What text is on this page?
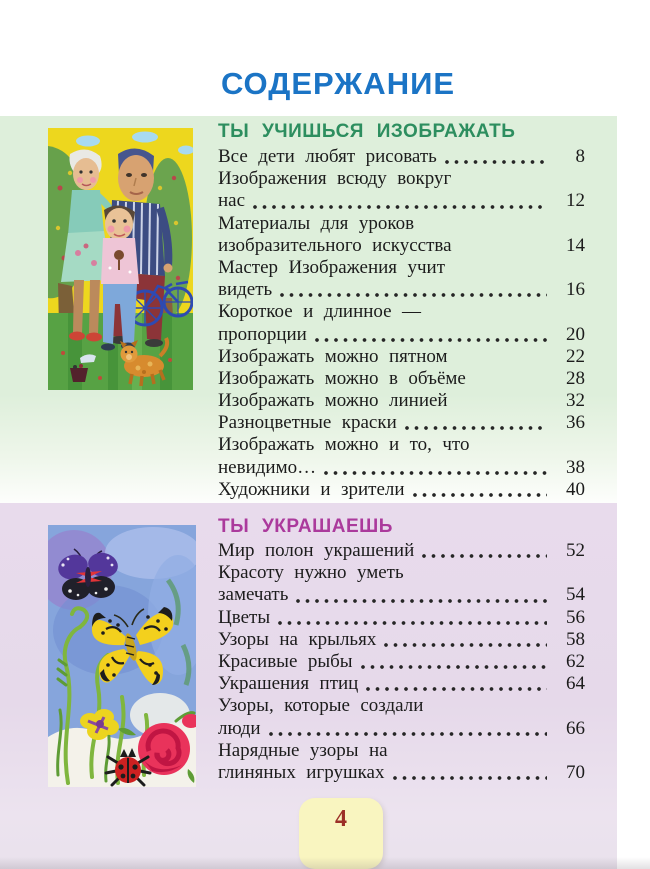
СОДЕРЖАНИЕ
ТЫ УЧИШЬСЯ ИЗОБРАЖАТЬ
Все дети любят рисовать	8
Изображения всюду вокруг
нас	12
Материалы для уроков
изобразительного искусства	14
Мастер Изображения учит
видеть	16
Короткое и длинное —
пропорции	20
Изображать можно пятном	22
Изображать можно в объёме	28
Изображать можно линией	32
Разноцветные краски	36
Изображать можно и то, что
невидимо…	38
Художники и зрители	40
ТЫ УКРАШАЕШЬ
Мир полон украшений	52
Красоту нужно уметь
замечать	54
Цветы	56
Узоры на крыльях	58
Красивые рыбы	62
Украшения птиц	64
Узоры, которые создали
люди	66
Нарядные узоры на
глиняных игрушках	70
4
